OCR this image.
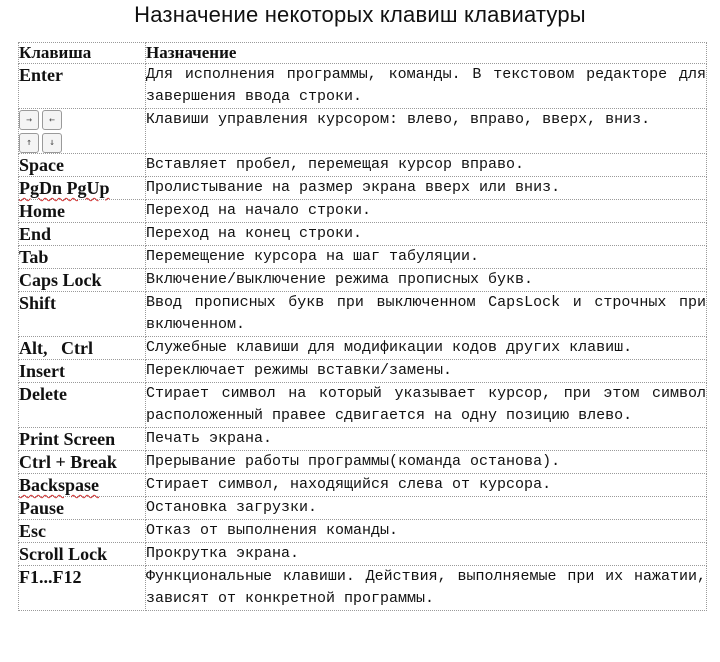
Назначение некоторых клавиш клавиатуры
Клавиша	Назначение
Enter	Для исполнения программы, команды. В текстовом редакторе для завершения ввода строки.

→ ←
↑ ↓	Клавиши управления курсором: влево, вправо, вверх, вниз.
Space	Вставляет пробел, перемещая курсор вправо.
PgDn PgUp	Пролистывание на размер экрана вверх или вниз.
Home	Переход на начало строки.
End	Переход на конец строки.
Tab	Перемещение курсора на шаг табуляции.
Caps Lock	Включение/выключение режима прописных букв.
Shift	Ввод прописных букв при выключенном CapsLock и строчных при включенном.
Alt,   Ctrl	Служебные клавиши для модификации кодов других клавиш.
Insert	Переключает режимы вставки/замены.
Delete	Стирает символ на который указывает курсор, при этом символ расположенный правее сдвигается на одну позицию влево.
Print Screen	Печать экрана.
Ctrl + Break	Прерывание работы программы(команда останова).
Backspase	Стирает символ, находящийся слева от курсора.
Pause	Остановка загрузки.
Esc	Отказ от выполнения команды.
Scroll Lock	Прокрутка экрана.
F1...F12	Функциональные клавиши. Действия, выполняемые при их нажатии, зависят от конкретной программы.
